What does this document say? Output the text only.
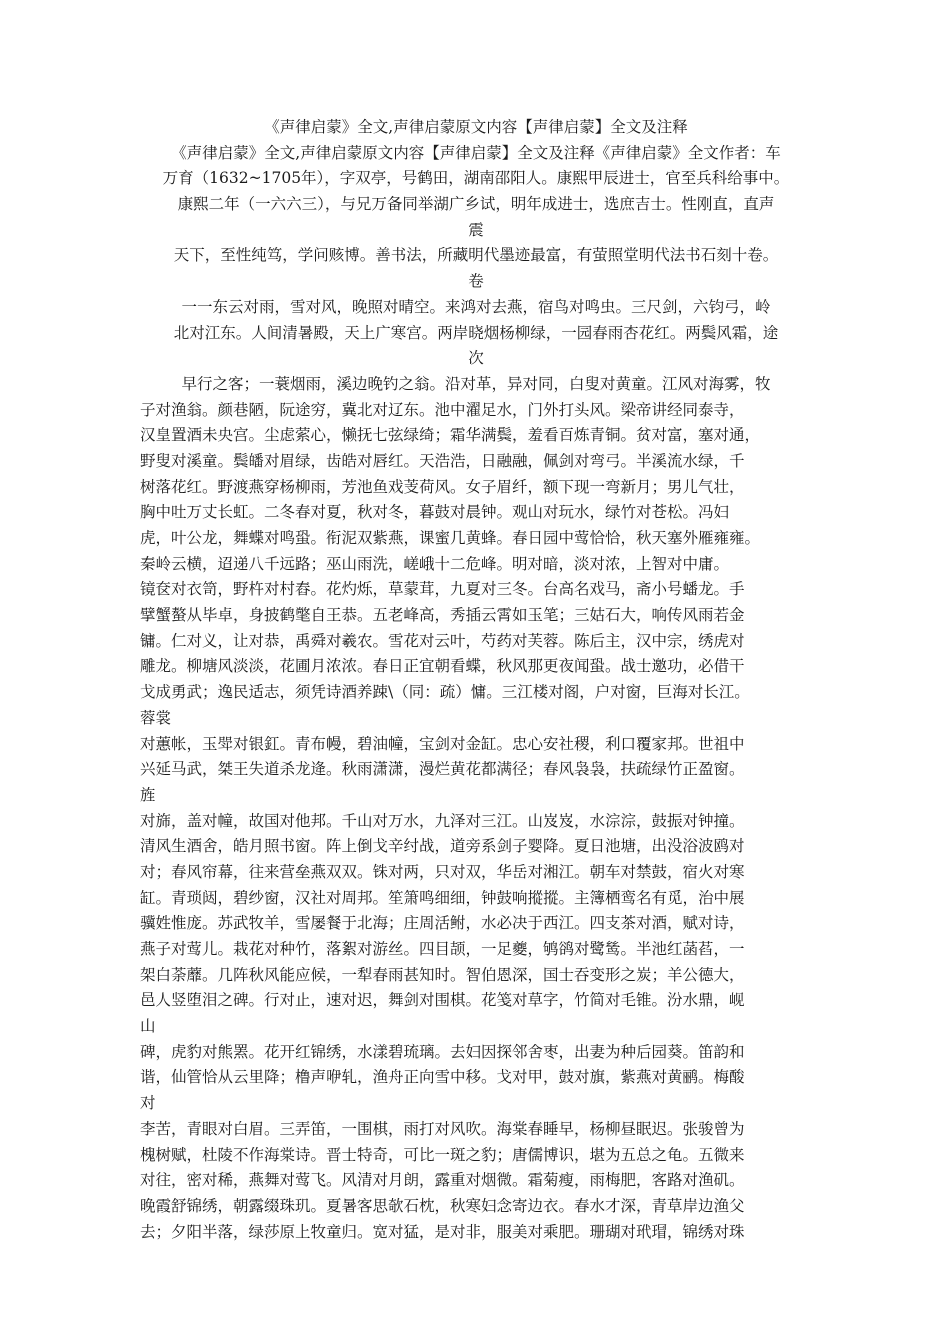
《声律启蒙》全文,声律启蒙原文内容【声律启蒙】全文及注释
《声律启蒙》全文,声律启蒙原文内容【声律启蒙】全文及注释《声律启蒙》全文作者：车
万育（1632~1705年），字双亭，号鹤田，湖南邵阳人。康熙甲辰进士，官至兵科给事中。
康熙二年（一六六三），与兄万备同举湖广乡试，明年成进士，选庶吉士。性刚直，直声
震
天下，至性纯笃，学问赅博。善书法，所藏明代墨迹最富，有萤照堂明代法书石刻十卷。
卷
一一东云对雨，雪对风，晚照对晴空。来鸿对去燕，宿鸟对鸣虫。三尺剑，六钧弓，岭
北对江东。人间清暑殿，天上广寒宫。两岸晓烟杨柳绿，一园春雨杏花红。两鬓风霜，途
次
早行之客；一蓑烟雨，溪边晚钓之翁。沿对革，异对同，白叟对黄童。江风对海雾，牧
子对渔翁。颜巷陋，阮途穷，冀北对辽东。池中濯足水，门外打头风。梁帝讲经同泰寺，
汉皇置酒未央宫。尘虑萦心，懒抚七弦绿绮；霜华满鬓，羞看百炼青铜。贫对富，塞对通，
野叟对溪童。鬓皤对眉绿，齿皓对唇红。天浩浩，日融融，佩剑对弯弓。半溪流水绿，千
树落花红。野渡燕穿杨柳雨，芳池鱼戏芰荷风。女子眉纤，额下现一弯新月；男儿气壮，
胸中吐万丈长虹。二冬春对夏，秋对冬，暮鼓对晨钟。观山对玩水，绿竹对苍松。冯妇
虎，叶公龙，舞蝶对鸣蛩。衔泥双紫燕，课蜜几黄蜂。春日园中莺恰恰，秋天塞外雁雍雍。
秦岭云横，迢递八千远路；巫山雨洗，嵯峨十二危峰。明对暗，淡对浓，上智对中庸。
镜奁对衣笥，野杵对村舂。花灼烁，草蒙茸，九夏对三冬。台高名戏马，斋小号蟠龙。手
擘蟹螯从毕卓，身披鹤氅自王恭。五老峰高，秀插云霄如玉笔；三姑石大，响传风雨若金
镛。仁对义，让对恭，禹舜对羲农。雪花对云叶，芍药对芙蓉。陈后主，汉中宗，绣虎对
雕龙。柳塘风淡淡，花圃月浓浓。春日正宜朝看蝶，秋风那更夜闻蛩。战士邀功，必借干
戈成勇武；逸民适志，须凭诗酒养踈\（同：疏）慵。三江楼对阁，户对窗，巨海对长江。
蓉裳
对蕙帐，玉斝对银釭。青布幔，碧油幢，宝剑对金缸。忠心安社稷，利口覆家邦。世祖中
兴延马武，桀王失道杀龙逄。秋雨潇潇，漫烂黄花都满径；春风袅袅，扶疏绿竹正盈窗。
旌
对旆，盖对幢，故国对他邦。千山对万水，九泽对三江。山岌岌，水淙淙，鼓振对钟撞。
清风生酒舍，皓月照书窗。阵上倒戈辛纣战，道旁系剑子婴降。夏日池塘，出没浴波鸥对
对；春风帘幕，往来营垒燕双双。铢对两，只对双，华岳对湘江。朝车对禁鼓，宿火对寒
缸。青琐闼，碧纱窗，汉社对周邦。笙箫鸣细细，钟鼓响摐摐。主簿栖鸾名有觅，治中展
骥姓惟庞。苏武牧羊，雪屡餐于北海；庄周活鲋，水必决于西江。四支茶对酒，赋对诗，
燕子对莺儿。栽花对种竹，落絮对游丝。四目颉，一足夔，鸲鹆对鹭鸶。半池红菡萏，一
架白荼蘼。几阵秋风能应候，一犁春雨甚知时。智伯恩深，国士吞变形之炭；羊公德大，
邑人竖堕泪之碑。行对止，速对迟，舞剑对围棋。花笺对草字，竹简对毛锥。汾水鼎，岘
山
碑，虎豹对熊罴。花开红锦绣，水漾碧琉璃。去妇因探邻舍枣，出妻为种后园葵。笛韵和
谐，仙管恰从云里降；橹声咿轧，渔舟正向雪中移。戈对甲，鼓对旗，紫燕对黄鹂。梅酸
对
李苦，青眼对白眉。三弄笛，一围棋，雨打对风吹。海棠春睡早，杨柳昼眠迟。张骏曾为
槐树赋，杜陵不作海棠诗。晋士特奇，可比一斑之豹；唐儒博识，堪为五总之龟。五微来
对往，密对稀，燕舞对莺飞。风清对月朗，露重对烟微。霜菊瘦，雨梅肥，客路对渔矶。
晚霞舒锦绣，朝露缀珠玑。夏暑客思欹石枕，秋寒妇念寄边衣。春水才深，青草岸边渔父
去；夕阳半落，绿莎原上牧童归。宽对猛，是对非，服美对乘肥。珊瑚对玳瑁，锦绣对珠
